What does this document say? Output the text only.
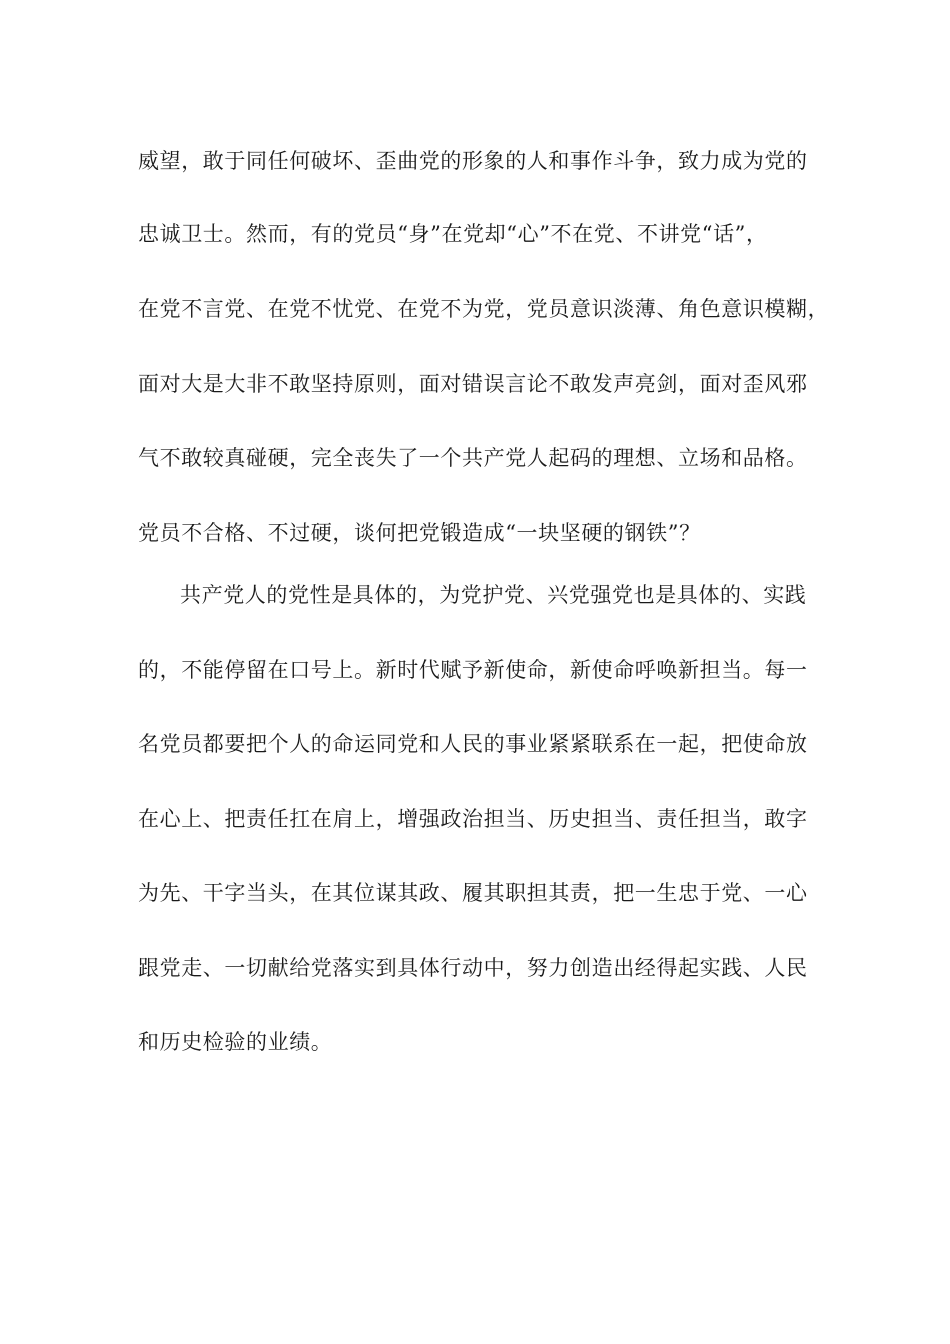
威望，敢于同任何破坏、歪曲党的形象的人和事作斗争，致力成为党的
忠诚卫士。然而，有的党员“身”在党却“心”不在党、不讲党“话”，
在党不言党、在党不忧党、在党不为党，党员意识淡薄、角色意识模糊，
面对大是大非不敢坚持原则，面对错误言论不敢发声亮剑，面对歪风邪
气不敢较真碰硬，完全丧失了一个共产党人起码的理想、立场和品格。
党员不合格、不过硬，谈何把党锻造成“一块坚硬的钢铁”？
共产党人的党性是具体的，为党护党、兴党强党也是具体的、实践
的，不能停留在口号上。新时代赋予新使命，新使命呼唤新担当。每一
名党员都要把个人的命运同党和人民的事业紧紧联系在一起，把使命放
在心上、把责任扛在肩上，增强政治担当、历史担当、责任担当，敢字
为先、干字当头，在其位谋其政、履其职担其责，把一生忠于党、一心
跟党走、一切献给党落实到具体行动中，努力创造出经得起实践、人民
和历史检验的业绩。
